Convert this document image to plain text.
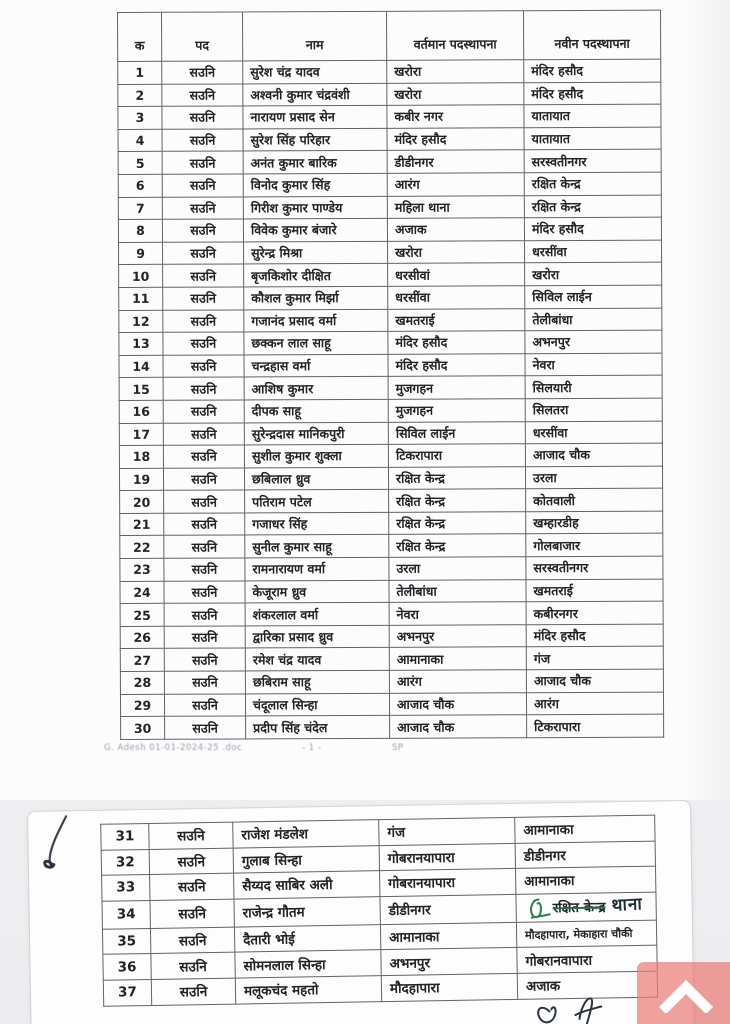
क	पद	नाम	वर्तमान पदस्थापना	नवीन पदस्थापना
1	सउनि	सुरेश चंद्र यादव	खरोरा	मंदिर हसौद
2	सउनि	अश्वनी कुमार चंद्रवंशी	खरोरा	मंदिर हसौद
3	सउनि	नारायण प्रसाद सेन	कबीर नगर	यातायात
4	सउनि	सुरेश सिंह परिहार	मंदिर हसौद	यातायात
5	सउनि	अनंत कुमार बारिक	डीडीनगर	सरस्वतीनगर
6	सउनि	विनोद कुमार सिंह	आरंग	रक्षित केन्द्र
7	सउनि	गिरीश कुमार पाण्डेय	महिला थाना	रक्षित केन्द्र
8	सउनि	विवेक कुमार बंजारे	अजाक	मंदिर हसौद
9	सउनि	सुरेन्द्र मिश्रा	खरोरा	धरसींवा
10	सउनि	बृजकिशोर दीक्षित	धरसीवां	खरोरा
11	सउनि	कौशल कुमार मिर्झा	धरसींवा	सिविल लाईन
12	सउनि	गजानंद प्रसाद वर्मा	खमतराई	तेलीबांधा
13	सउनि	छक्कन लाल साहू	मंदिर हसौद	अभनपुर
14	सउनि	चन्द्रहास वर्मा	मंदिर हसौद	नेवरा
15	सउनि	आशिष कुमार	मुजगहन	सिलयारी
16	सउनि	दीपक साहू	मुजगहन	सिलतरा
17	सउनि	सुरेन्द्रदास मानिकपुरी	सिविल लाईन	धरसींवा
18	सउनि	सुशील कुमार शुक्ला	टिकरापारा	आजाद चौक
19	सउनि	छबिलाल ध्रुव	रक्षित केन्द्र	उरला
20	सउनि	पतिराम पटेल	रक्षित केन्द्र	कोतवाली
21	सउनि	गजाधर सिंह	रक्षित केन्द्र	खम्हारडीह
22	सउनि	सुनील कुमार साहू	रक्षित केन्द्र	गोलबाजार
23	सउनि	रामनारायण वर्मा	उरला	सरस्वतीनगर
24	सउनि	केजूराम ध्रुव	तेलीबांधा	खमतराई
25	सउनि	शंकरलाल वर्मा	नेवरा	कबीरनगर
26	सउनि	द्वारिका प्रसाद ध्रुव	अभनपुर	मंदिर हसौद
27	सउनि	रमेश चंद्र यादव	आमानाका	गंज
28	सउनि	छबिराम साहू	आरंग	आजाद चौक
29	सउनि	चंदूलाल सिन्हा	आजाद चौक	आरंग
30	सउनि	प्रदीप सिंह चंदेल	आजाद चौक	टिकरापारा
G. Adesh 01-01-2024-25 .doc	- 1 -	SP
31	सउनि	राजेश मंडलेश	गंज	आमानाका
32	सउनि	गुलाब सिन्हा	गोबरानयापारा	डीडीनगर
33	सउनि	सैय्यद साबिर अली	गोबरानयापारा	आमानाका
34	सउनि	राजेन्द्र गौतम	डीडीनगर	रक्षित केन्द्र थाना
35	सउनि	दैतारी भोई	आमानाका	मौदहापारा, मेकाहारा चौकी
36	सउनि	सोमनलाल सिन्हा	अभनपुर	गोबरानवापारा
37	सउनि	मलूकचंद महतो	मौदहापारा	अजाक
